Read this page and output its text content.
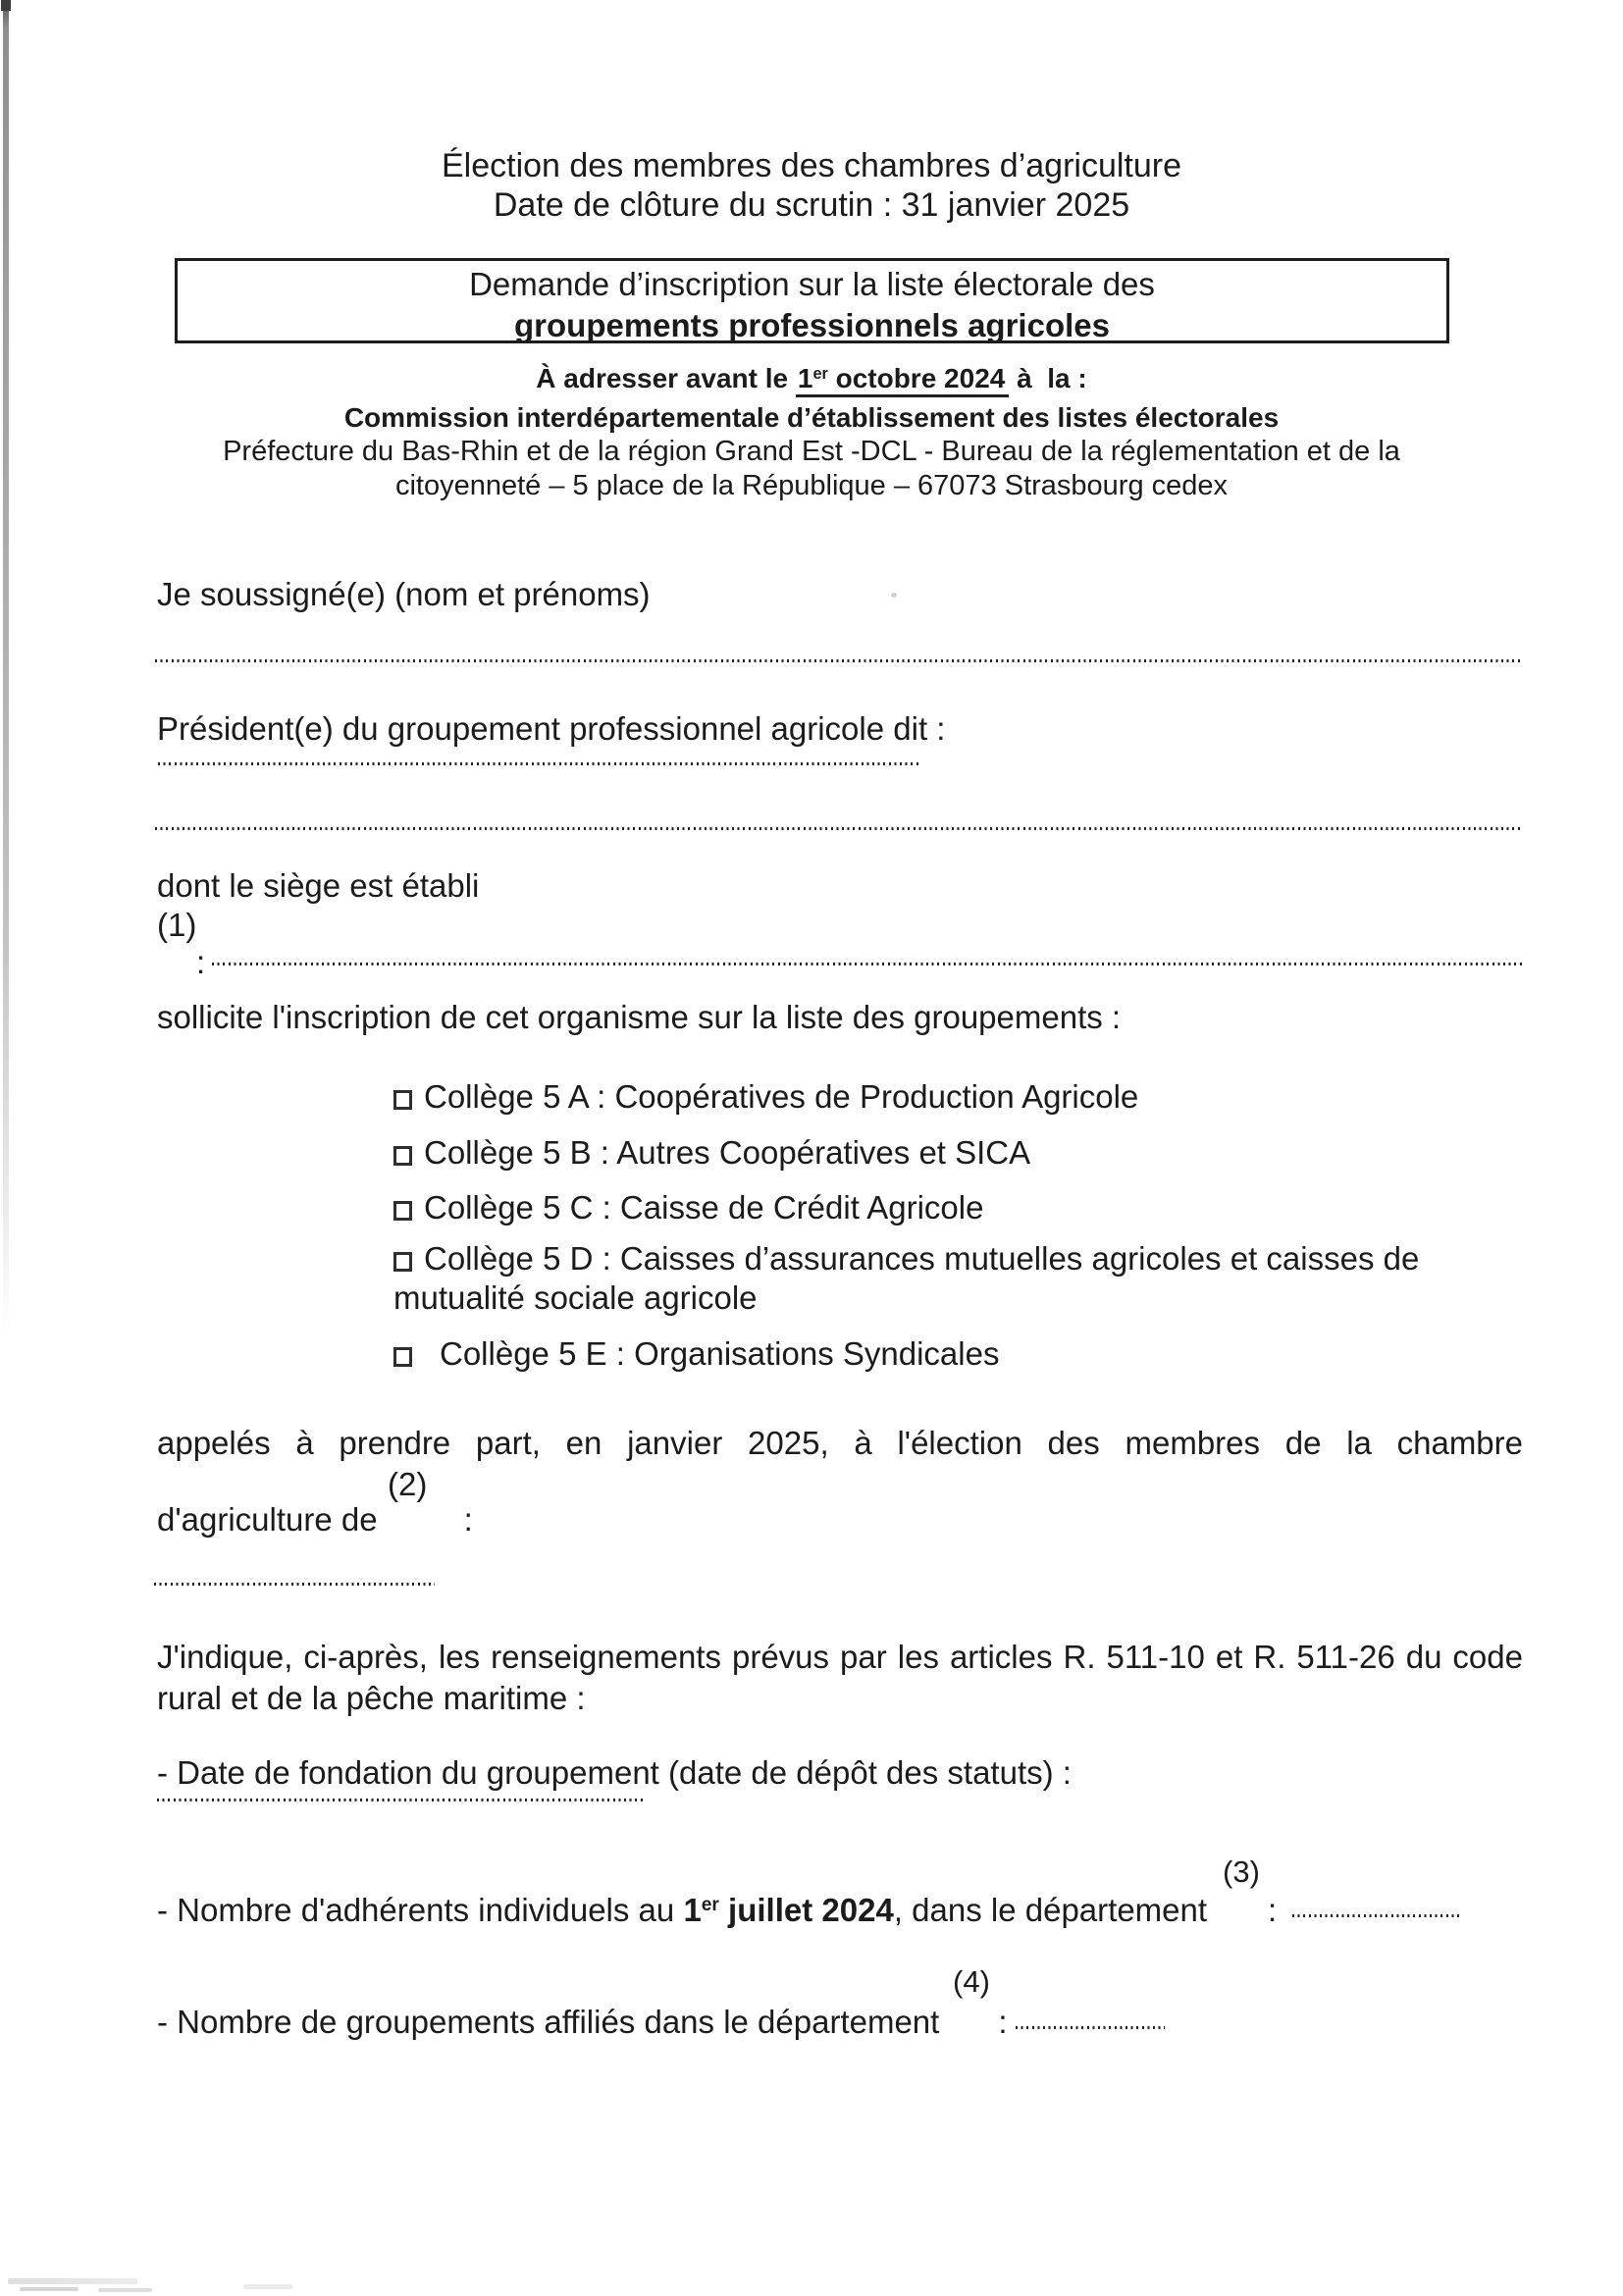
Élection des membres des chambres d’agriculture
Date de clôture du scrutin : 31 janvier 2025
Demande d’inscription sur la liste électorale des
groupements professionnels agricoles
À adresser avant le 1er octobre 2024 à  la :
Commission interdépartementale d’établissement des listes électorales
Préfecture du Bas-Rhin et de la région Grand Est -DCL - Bureau de la réglementation et de la
citoyenneté – 5 place de la République – 67073 Strasbourg cedex
Je soussigné(e) (nom et prénoms)
Président(e) du groupement professionnel agricole dit :
dont le siège est établi
(1)
:
sollicite l'inscription de cet organisme sur la liste des groupements :
Collège 5 A : Coopératives de Production Agricole
Collège 5 B : Autres Coopératives et SICA
Collège 5 C : Caisse de Crédit Agricole
Collège 5 D : Caisses d’assurances mutuelles agricoles et caisses de mutualité sociale agricole
Collège 5 E : Organisations Syndicales
appelés à prendre part, en janvier 2025, à l'élection des membres de la chambre
(2)
d'agriculture de	:
J'indique, ci-après, les renseignements prévus par les articles R. 511-10 et R. 511-26 du code rural et de la pêche maritime :
- Date de fondation du groupement (date de dépôt des statuts) :
(3)
- Nombre d'adhérents individuels au 1er juillet 2024, dans le département :
(4)
- Nombre de groupements affiliés dans le département :
